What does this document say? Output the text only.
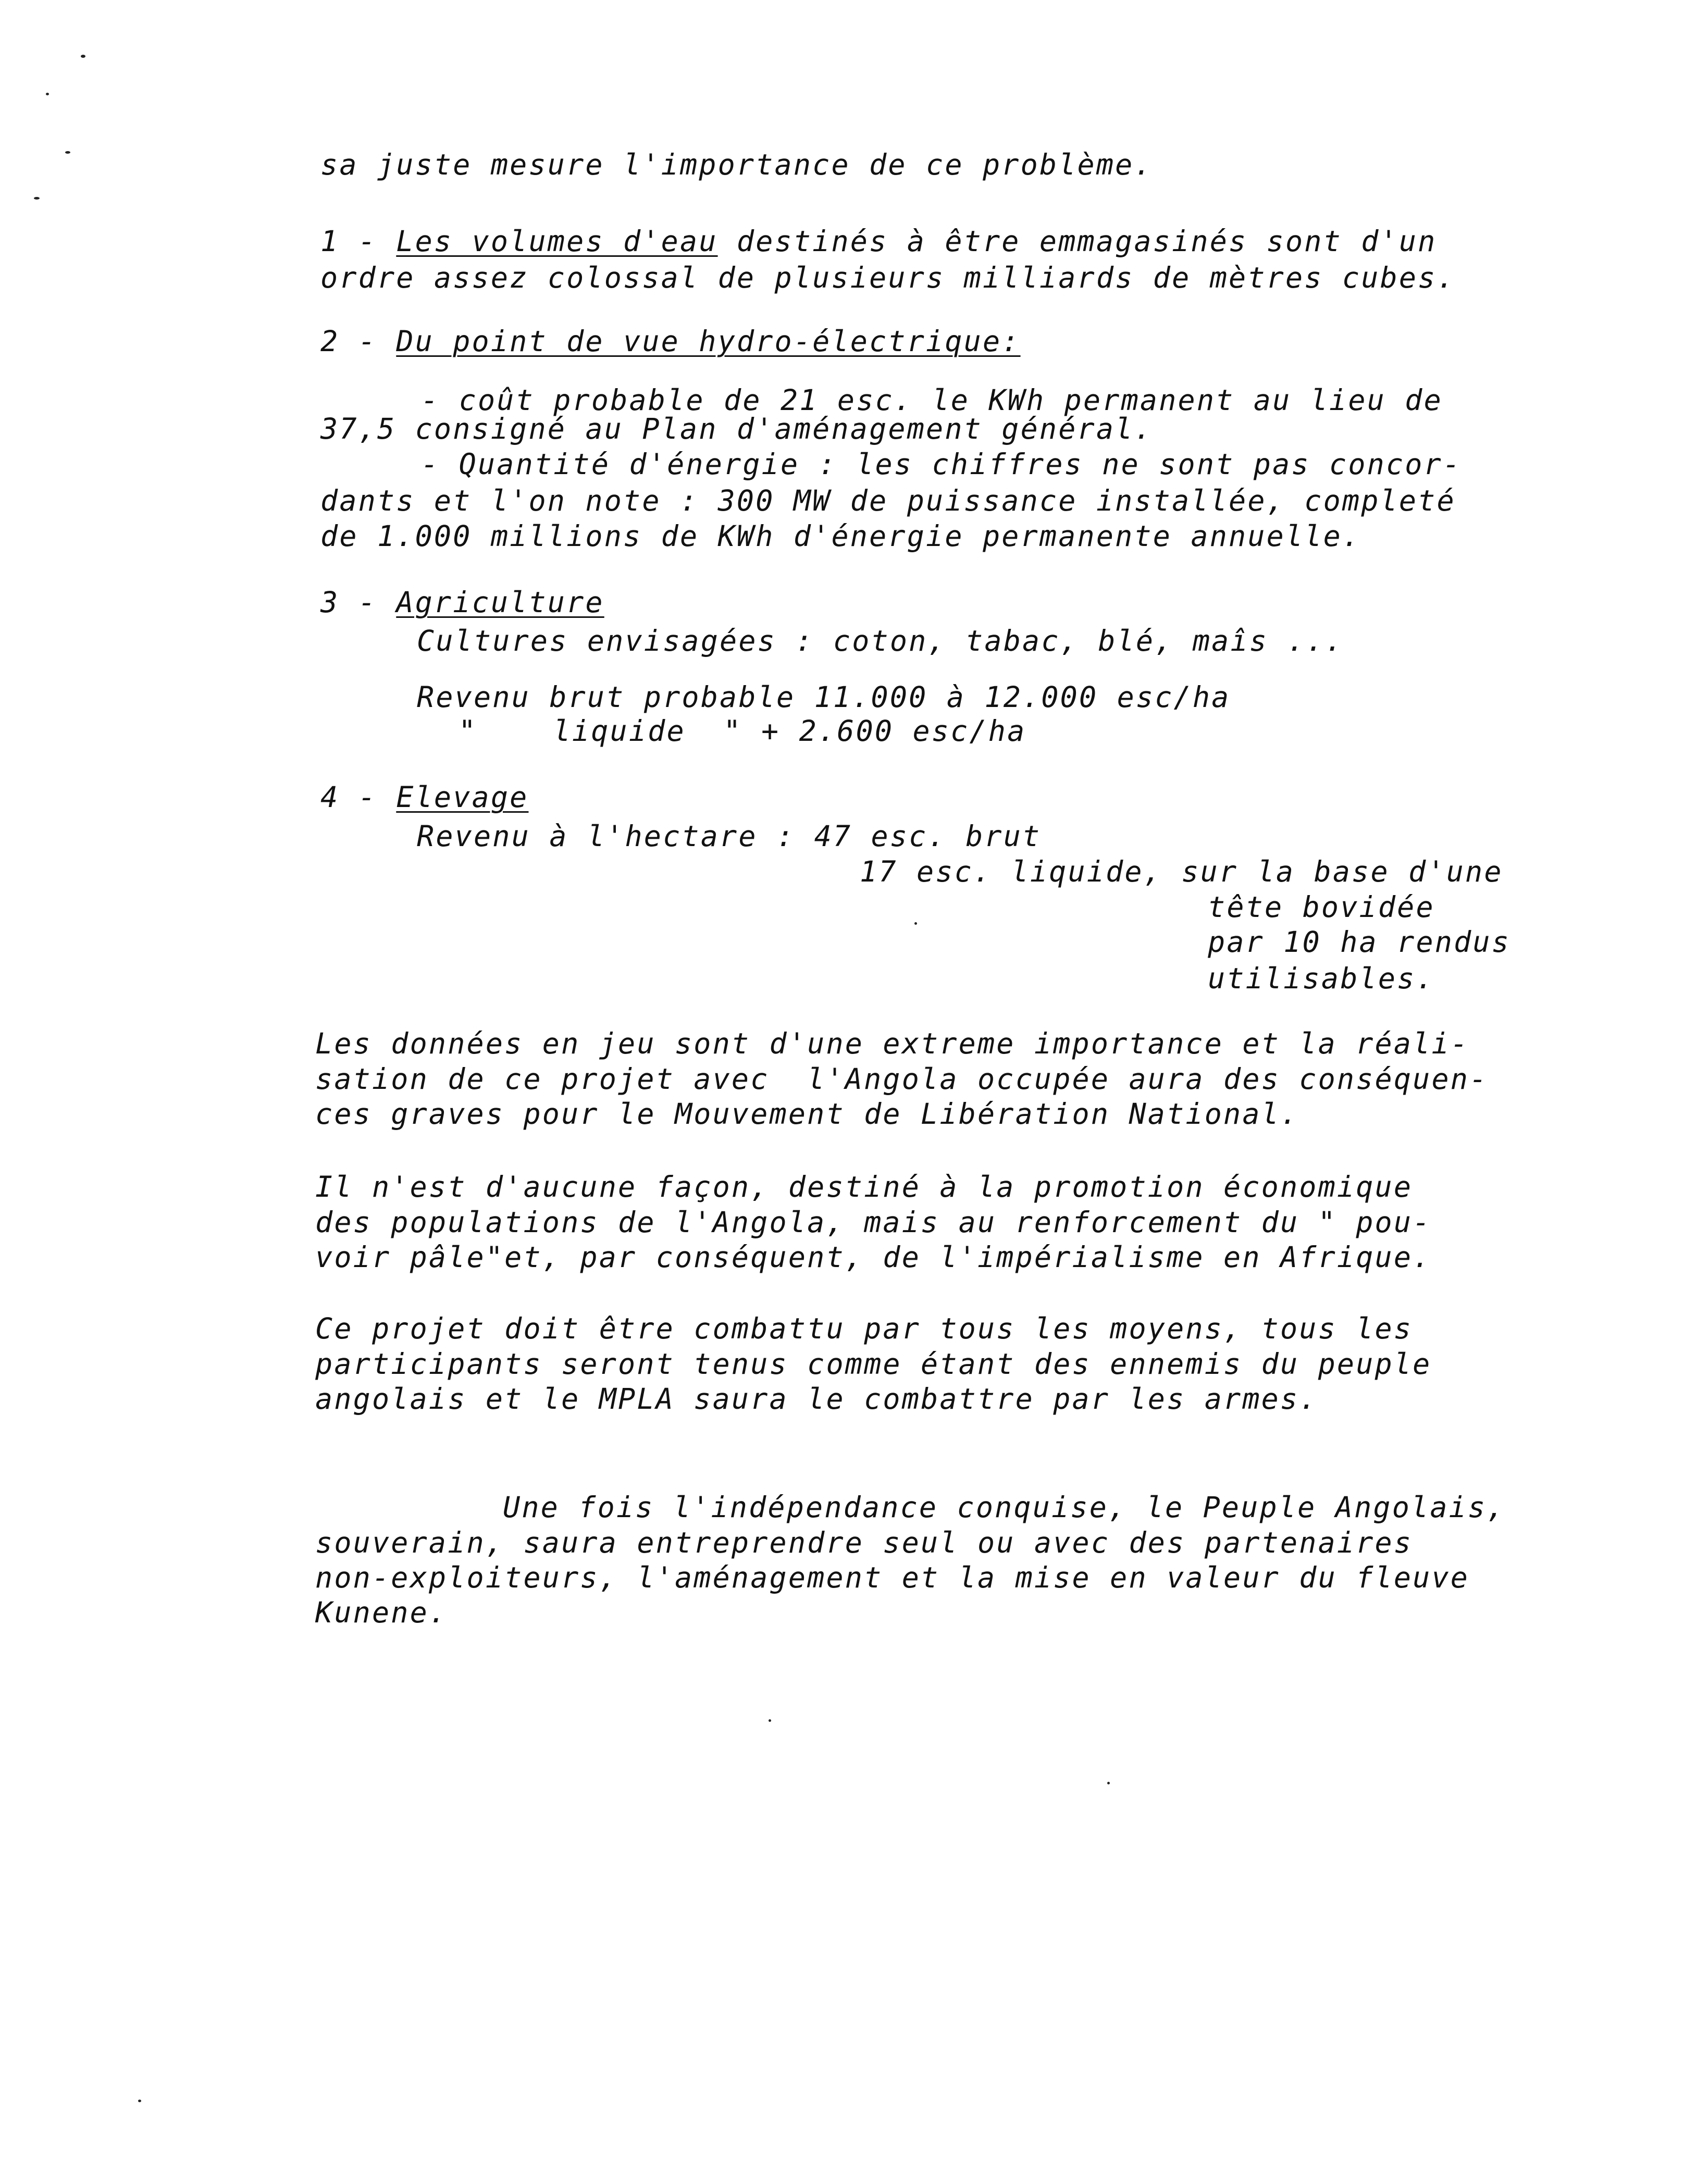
sa juste mesure l'importance de ce problème.
1 - Les volumes d'eau destinés à être emmagasinés sont d'un
ordre assez colossal de plusieurs milliards de mètres cubes.
2 - Du point de vue hydro-électrique:
- coût probable de 21 esc. le KWh permanent au lieu de
37,5 consigné au Plan d'aménagement général.
- Quantité d'énergie : les chiffres ne sont pas concor-
dants et l'on note : 300 MW de puissance installée, completé
de 1.000 millions de KWh d'énergie permanente annuelle.
3 - Agriculture
Cultures envisagées : coton, tabac, blé, maîs ...
Revenu brut probable 11.000 à 12.000 esc/ha
"    liquide  " + 2.600 esc/ha
4 - Elevage
Revenu à l'hectare : 47 esc. brut
17 esc. liquide, sur la base d'une
tête bovidée
par 10 ha rendus
utilisables.
Les données en jeu sont d'une extreme importance et la réali-
sation de ce projet avec  l'Angola occupée aura des conséquen-
ces graves pour le Mouvement de Libération National.
Il n'est d'aucune façon, destiné à la promotion économique
des populations de l'Angola, mais au renforcement du " pou-
voir pâle"et, par conséquent, de l'impérialisme en Afrique.
Ce projet doit être combattu par tous les moyens, tous les
participants seront tenus comme étant des ennemis du peuple
angolais et le MPLA saura le combattre par les armes.
Une fois l'indépendance conquise, le Peuple Angolais,
souverain, saura entreprendre seul ou avec des partenaires
non-exploiteurs, l'aménagement et la mise en valeur du fleuve
Kunene.
